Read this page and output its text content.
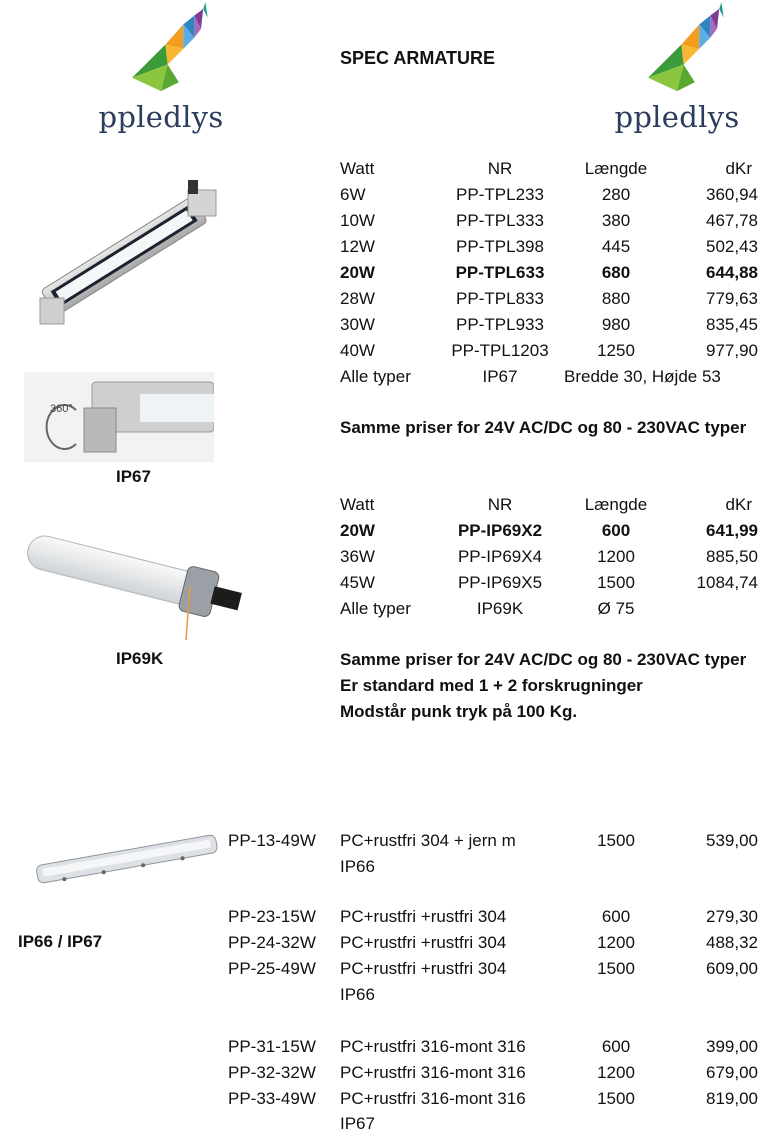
ppledlys	ppledlys
SPEC ARMATURE
360°
IP67
Watt	NR	Længde	dKr
6W	PP-TPL233	280	360,94
10W	PP-TPL333	380	467,78
12W	PP-TPL398	445	502,43
20W	PP-TPL633	680	644,88
28W	PP-TPL833	880	779,63
30W	PP-TPL933	980	835,45
40W	PP-TPL1203	1250	977,90
Alle typer	IP67	Bredde 30, Højde 53
Samme priser for 24V AC/DC og 80 - 230VAC typer
IP69K
Watt	NR	Længde	dKr
20W	PP-IP69X2	600	641,99
36W	PP-IP69X4	1200	885,50
45W	PP-IP69X5	1500	1084,74
Alle typer	IP69K	Ø 75
Samme priser for 24V AC/DC og 80 - 230VAC typer
Er standard med 1 + 2 forskrugninger
Modstår punk tryk på 100 Kg.
IP66 / IP67
PP-13-49W PC+rustfri 304 + jern m	1500	539,00
IP66
PP-23-15W PC+rustfri +rustfri 304	600	279,30
PP-24-32W PC+rustfri +rustfri 304	1200	488,32
PP-25-49W PC+rustfri +rustfri 304	1500	609,00
IP66
PP-31-15W PC+rustfri 316-mont 316	600	399,00
PP-32-32W PC+rustfri 316-mont 316	1200	679,00
PP-33-49W PC+rustfri 316-mont 316	1500	819,00
IP67
